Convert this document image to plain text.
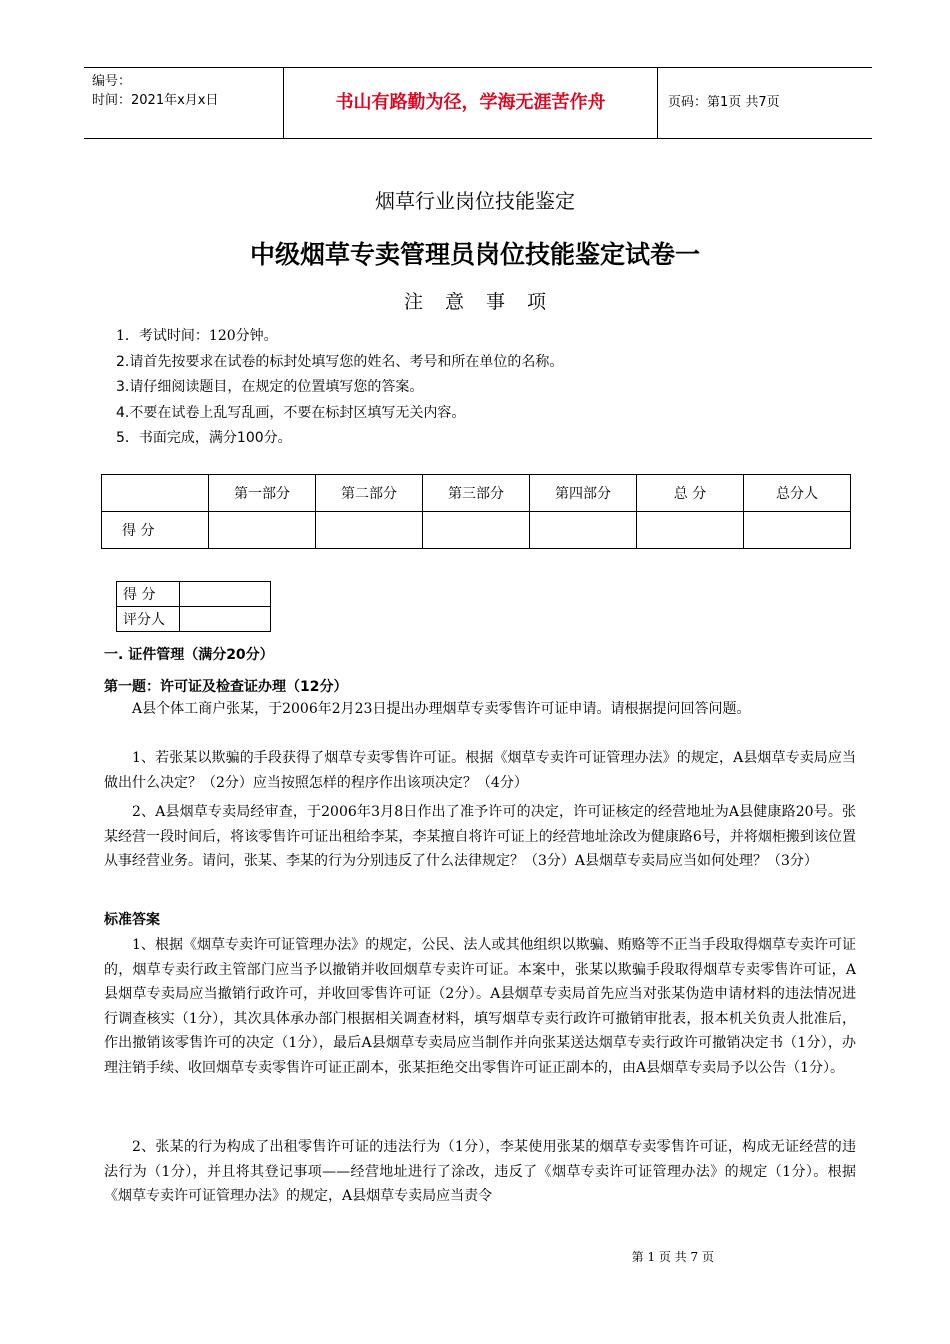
编号：
时间：2021年x月x日	书山有路勤为径，学海无涯苦作舟	页码：第1页 共7页
烟草行业岗位技能鉴定
中级烟草专卖管理员岗位技能鉴定试卷一
注意事项
1．考试时间：120分钟。
2.请首先按要求在试卷的标封处填写您的姓名、考号和所在单位的名称。
3.请仔细阅读题目，在规定的位置填写您的答案。
4.不要在试卷上乱写乱画，不要在标封区填写无关内容。
5．书面完成，满分100分。
	第一部分	第二部分	第三部分	第四部分	总 分	总分人
得 分						
得 分	
评分人	
一. 证件管理（满分20分）
第一题：许可证及检查证办理（12分）
A县个体工商户张某，于2006年2月23日提出办理烟草专卖零售许可证申请。请根据提问回答问题。
1、若张某以欺骗的手段获得了烟草专卖零售许可证。根据《烟草专卖许可证管理办法》的规定，A县烟草专卖局应当做出什么决定？（2分）应当按照怎样的程序作出该项决定？（4分）
2、A县烟草专卖局经审查，于2006年3月8日作出了准予许可的决定，许可证核定的经营地址为A县健康路20号。张某经营一段时间后，将该零售许可证出租给李某，李某擅自将许可证上的经营地址涂改为健康路6号，并将烟柜搬到该位置从事经营业务。请问，张某、李某的行为分别违反了什么法律规定？（3分）A县烟草专卖局应当如何处理？（3分）
标准答案
1、根据《烟草专卖许可证管理办法》的规定，公民、法人或其他组织以欺骗、贿赂等不正当手段取得烟草专卖许可证的，烟草专卖行政主管部门应当予以撤销并收回烟草专卖许可证。本案中，张某以欺骗手段取得烟草专卖零售许可证，A县烟草专卖局应当撤销行政许可，并收回零售许可证（2分）。A县烟草专卖局首先应当对张某伪造申请材料的违法情况进行调查核实（1分），其次具体承办部门根据相关调查材料，填写烟草专卖行政许可撤销审批表，报本机关负责人批准后，作出撤销该零售许可的决定（1分），最后A县烟草专卖局应当制作并向张某送达烟草专卖行政许可撤销决定书（1分），办理注销手续、收回烟草专卖零售许可证正副本，张某拒绝交出零售许可证正副本的，由A县烟草专卖局予以公告（1分）。
2、张某的行为构成了出租零售许可证的违法行为（1分），李某使用张某的烟草专卖零售许可证，构成无证经营的违法行为（1分），并且将其登记事项——经营地址进行了涂改，违反了《烟草专卖许可证管理办法》的规定（1分）。根据《烟草专卖许可证管理办法》的规定，A县烟草专卖局应当责令
第 1 页 共 7 页
